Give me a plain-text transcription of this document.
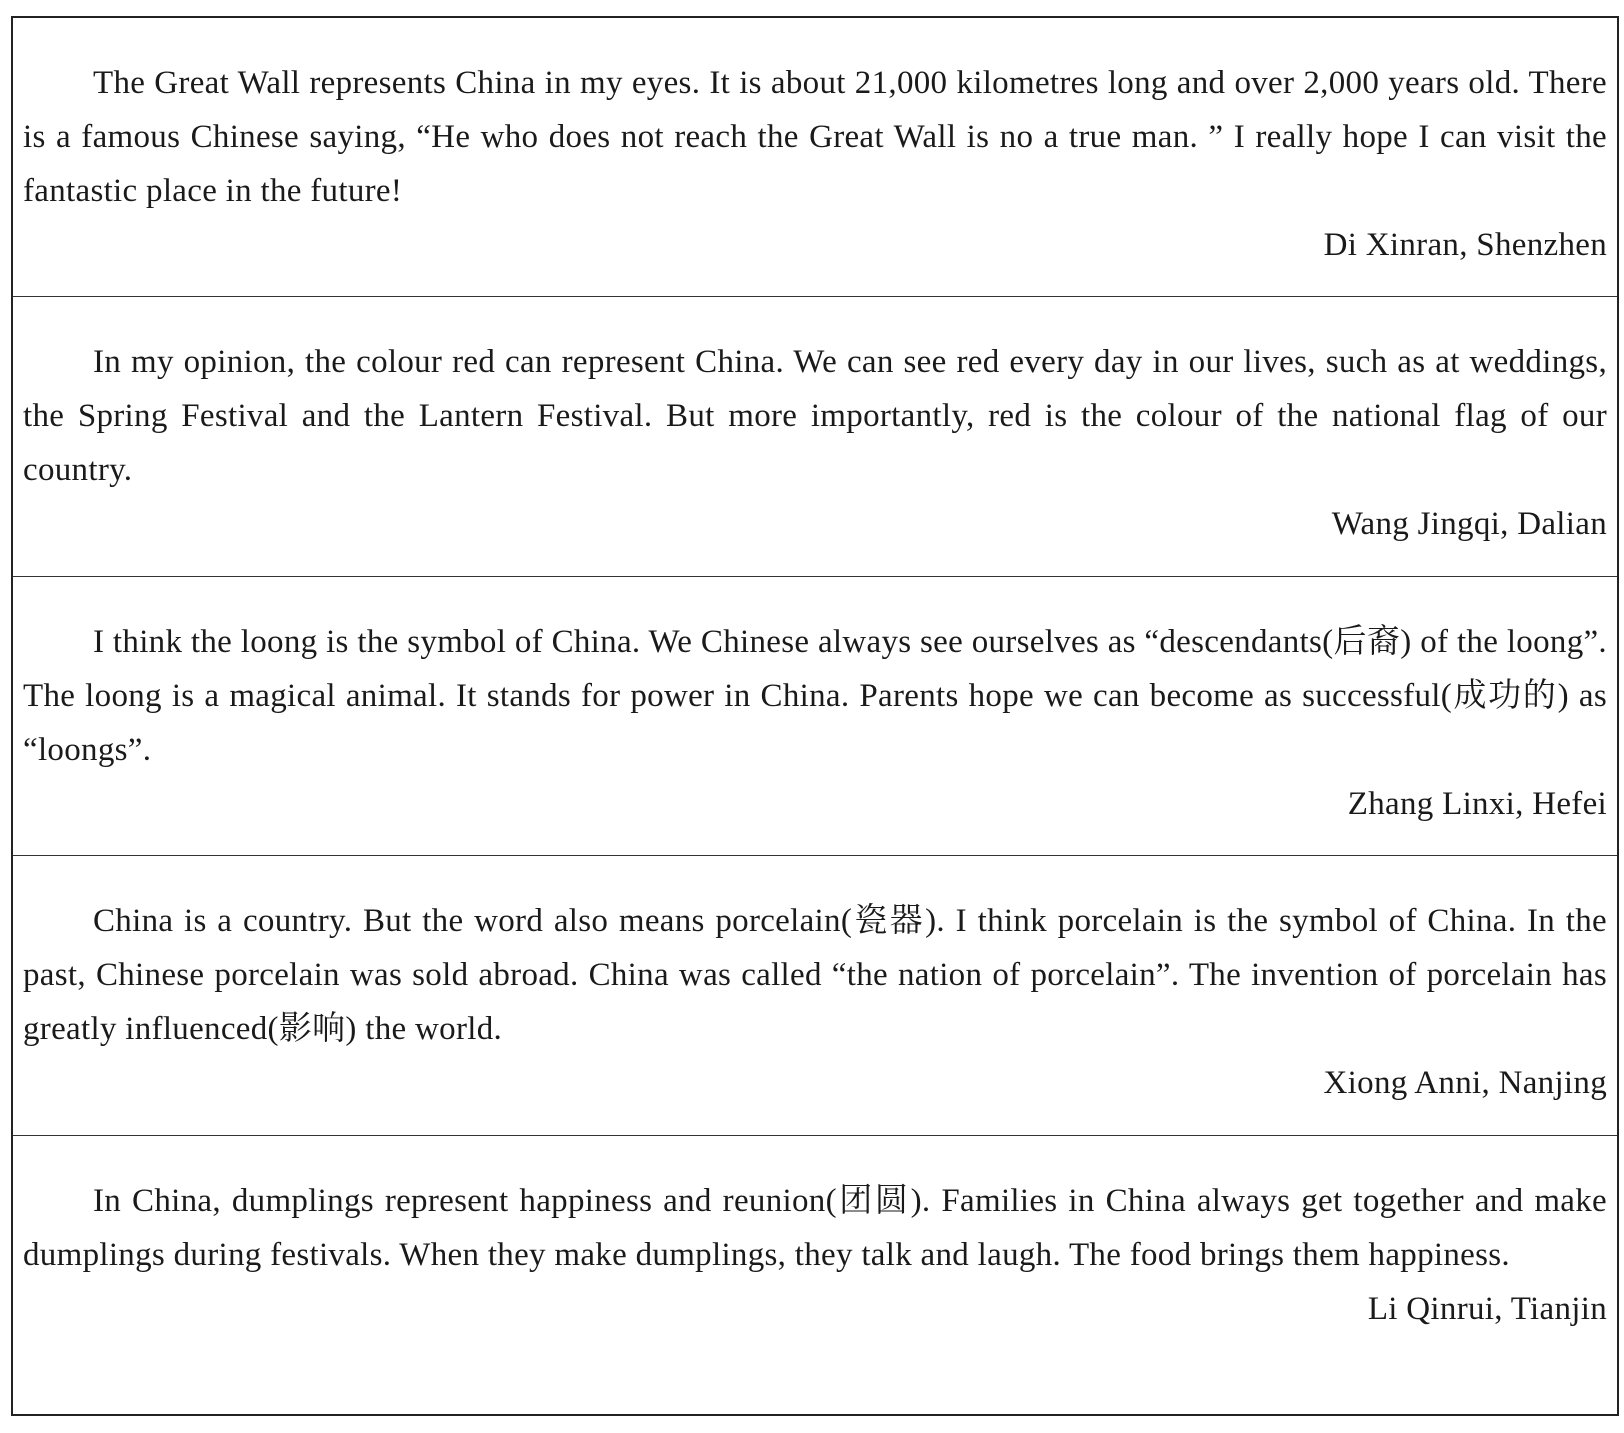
The Great Wall represents China in my eyes. It is about 21,000 kilometres long and over 2,000 years old. There is a famous Chinese saying, “He who does not reach the Great Wall is no a true man. ” I really hope I can visit the fantastic place in the future!

Di Xinran, Shenzhen

In my opinion, the colour red can represent China. We can see red every day in our lives, such as at weddings, the Spring Festival and the Lantern Festival. But more importantly, red is the colour of the national flag of our country.

Wang Jingqi, Dalian

I think the loong is the symbol of China. We Chinese always see ourselves as “descendants(后裔) of the loong”. The loong is a magical animal. It stands for power in China. Parents hope we can become as successful(成功的) as “loongs”.

Zhang Linxi, Hefei

China is a country. But the word also means porcelain(瓷器). I think porcelain is the symbol of China. In the past, Chinese porcelain was sold abroad. China was called “the nation of porcelain”. The invention of porcelain has greatly influenced(影响) the world.

Xiong Anni, Nanjing

In China, dumplings represent happiness and reunion(团圆). Families in China always get together and make dumplings during festivals. When they make dumplings, they talk and laugh. The food brings them happiness.

Li Qinrui, Tianjin
